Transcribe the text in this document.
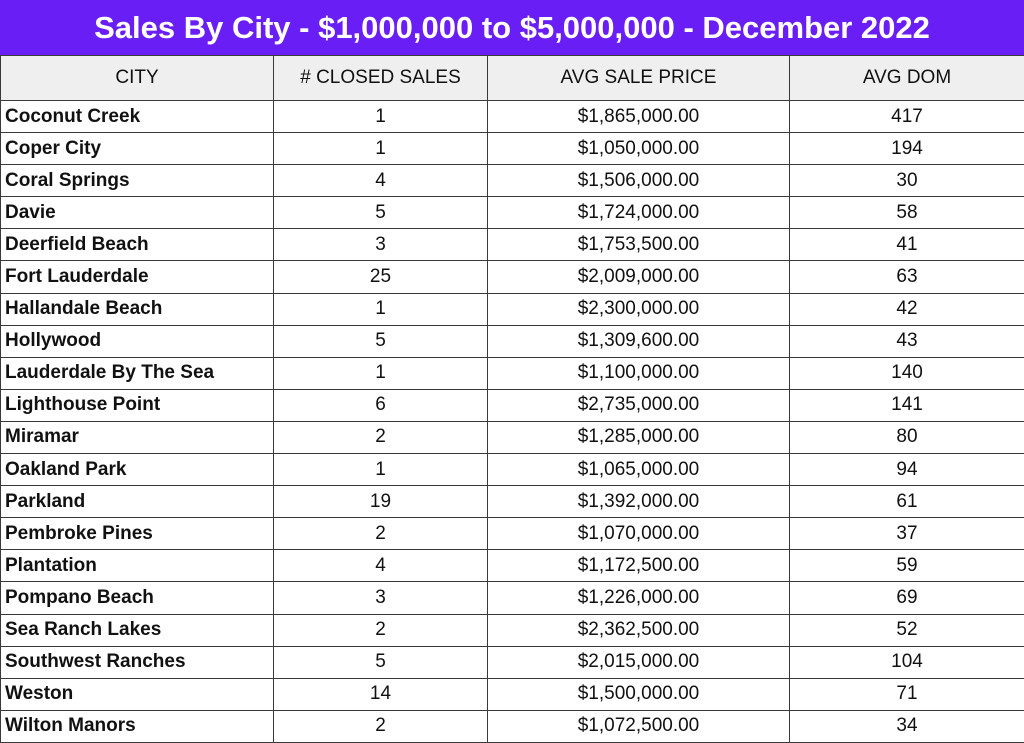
Sales By City - $1,000,000 to $5,000,000 - December 2022
CITY	# CLOSED SALES	AVG SALE PRICE	AVG DOM
Coconut Creek	1	$1,865,000.00	417
Coper City	1	$1,050,000.00	194
Coral Springs	4	$1,506,000.00	30
Davie	5	$1,724,000.00	58
Deerfield Beach	3	$1,753,500.00	41
Fort Lauderdale	25	$2,009,000.00	63
Hallandale Beach	1	$2,300,000.00	42
Hollywood	5	$1,309,600.00	43
Lauderdale By The Sea	1	$1,100,000.00	140
Lighthouse Point	6	$2,735,000.00	141
Miramar	2	$1,285,000.00	80
Oakland Park	1	$1,065,000.00	94
Parkland	19	$1,392,000.00	61
Pembroke Pines	2	$1,070,000.00	37
Plantation	4	$1,172,500.00	59
Pompano Beach	3	$1,226,000.00	69
Sea Ranch Lakes	2	$2,362,500.00	52
Southwest Ranches	5	$2,015,000.00	104
Weston	14	$1,500,000.00	71
Wilton Manors	2	$1,072,500.00	34
